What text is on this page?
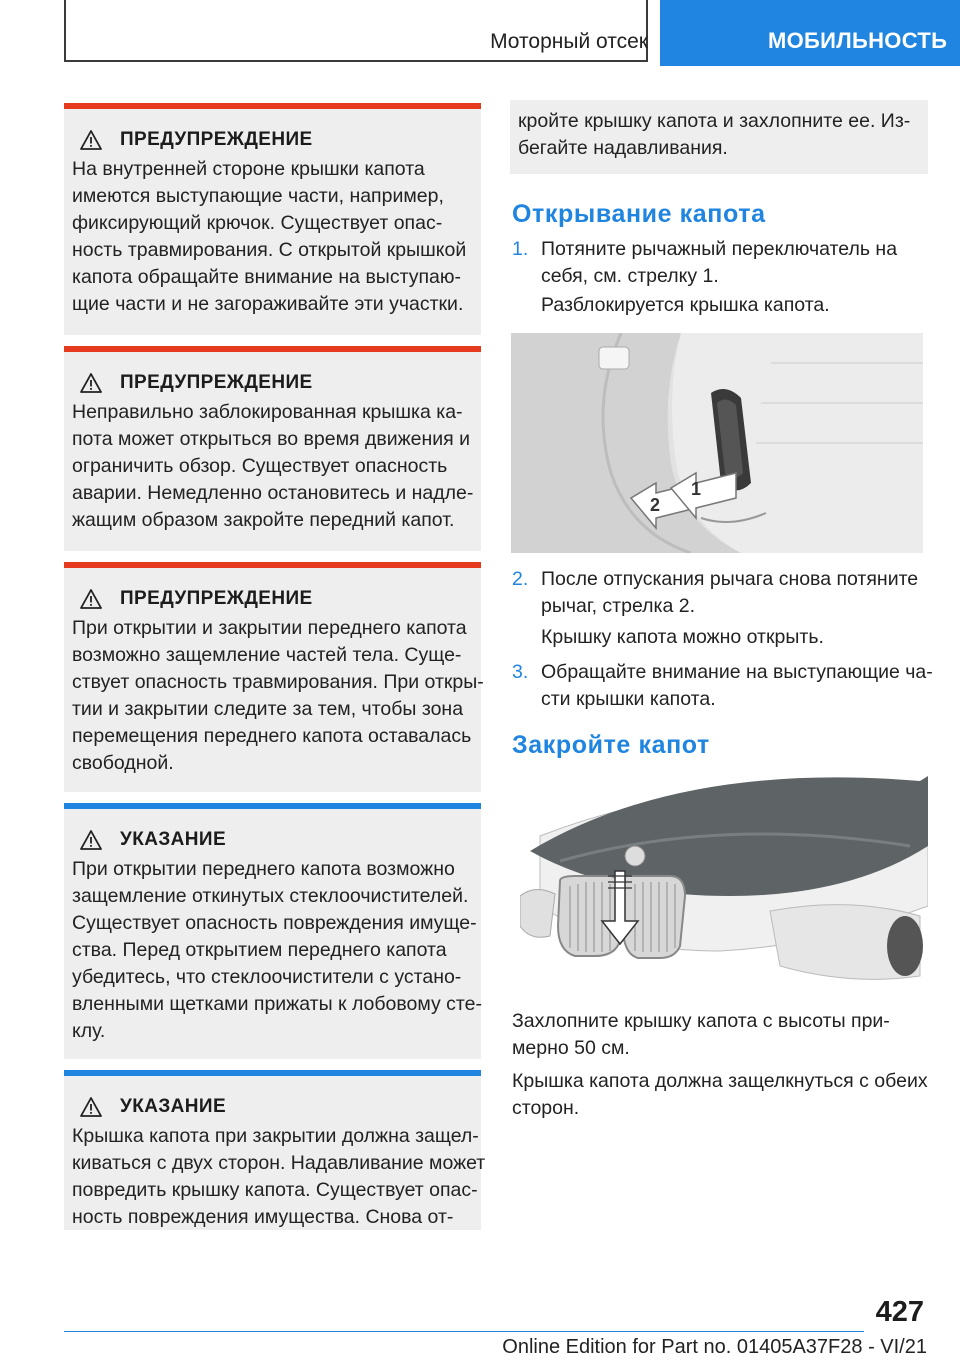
Моторный отсек	МОБИЛЬНОСТЬ
ПРЕДУПРЕЖДЕНИЕ
На внутренней стороне крышки капота
имеются выступающие части, например,
фиксирующий крючок. Существует опас-
ность травмирования. С открытой крышкой
капота обращайте внимание на выступаю-
щие части и не загораживайте эти участки.
ПРЕДУПРЕЖДЕНИЕ
Неправильно заблокированная крышка ка-
пота может открыться во время движения и
ограничить обзор. Существует опасность
аварии. Немедленно остановитесь и надле-
жащим образом закройте передний капот.
ПРЕДУПРЕЖДЕНИЕ
При открытии и закрытии переднего капота
возможно защемление частей тела. Суще-
ствует опасность травмирования. При откры-
тии и закрытии следите за тем, чтобы зона
перемещения переднего капота оставалась
свободной.
УКАЗАНИЕ
При открытии переднего капота возможно
защемление откинутых стеклоочистителей.
Существует опасность повреждения имуще-
ства. Перед открытием переднего капота
убедитесь, что стеклоочистители с устано-
вленными щетками прижаты к лобовому сте-
клу.
УКАЗАНИЕ
Крышка капота при закрытии должна защел-
киваться с двух сторон. Надавливание может
повредить крышку капота. Существует опас-
ность повреждения имущества. Снова от-
кройте крышку капота и захлопните ее. Из-
бегайте надавливания.
Открывание капота
1. Потяните рычажный переключатель на
себя, см. стрелку 1.
Разблокируется крышка капота.
2
1
2. После отпускания рычага снова потяните
рычаг, стрелка 2.
Крышку капота можно открыть.
3. Обращайте внимание на выступающие ча-
сти крышки капота.
Закройте капот
Захлопните крышку капота с высоты при-
мерно 50 см.
Крышка капота должна защелкнуться с обеих
сторон.
427
Online Edition for Part no. 01405A37F28 - VI/21
